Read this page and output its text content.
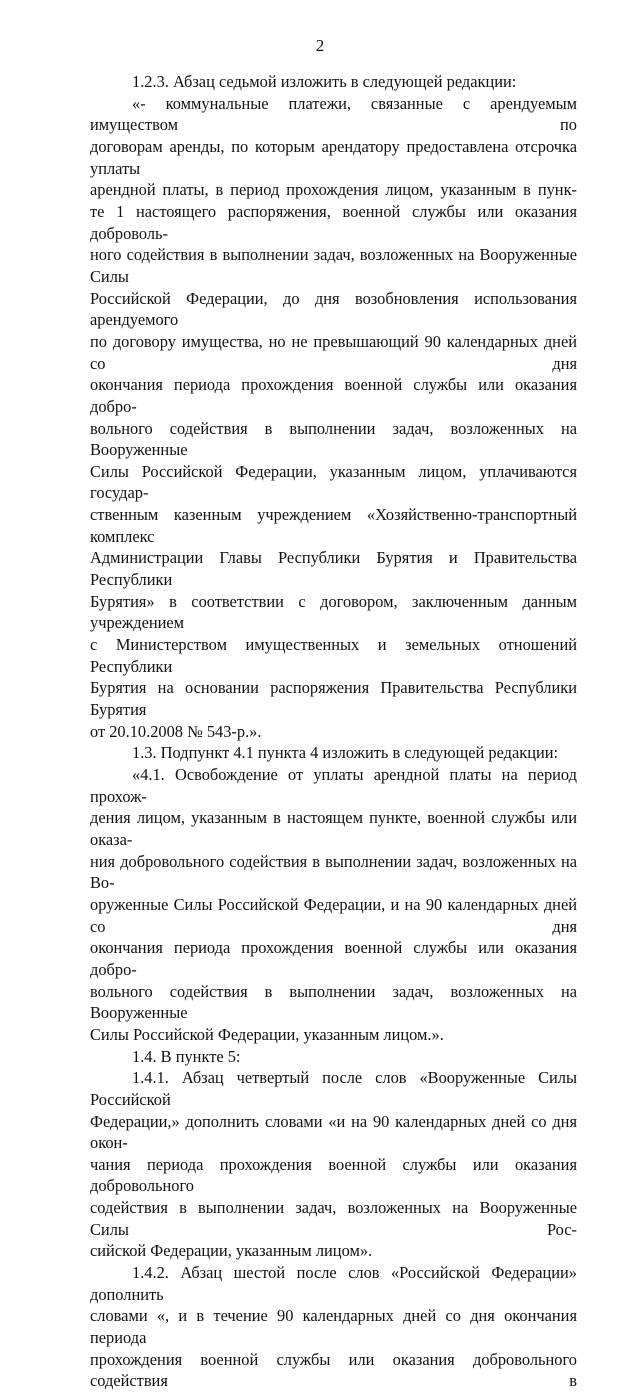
2

1.2.3. Абзац седьмой изложить в следующей редакции:

«- коммунальные платежи, связанные с арендуемым имуществом по
договорам аренды, по которым арендатору предоставлена отсрочка уплаты
арендной платы, в период прохождения лицом, указанным в пунк-
те 1 настоящего распоряжения, военной службы или оказания доброволь-
ного содействия в выполнении задач, возложенных на Вооруженные Силы
Российской Федерации, до дня возобновления использования арендуемого
по договору имущества, но не превышающий 90 календарных дней со дня
окончания периода прохождения военной службы или оказания добро-
вольного содействия в выполнении задач, возложенных на Вооруженные
Силы Российской Федерации, указанным лицом, уплачиваются государ-
ственным казенным учреждением «Хозяйственно-транспортный комплекс
Администрации Главы Республики Бурятия и Правительства Республики
Бурятия» в соответствии с договором, заключенным данным учреждением
с Министерством имущественных и земельных отношений Республики
Бурятия на основании распоряжения Правительства Республики Бурятия
от 20.10.2008 № 543-р.».

1.3. Подпункт 4.1 пункта 4 изложить в следующей редакции:

«4.1. Освобождение от уплаты арендной платы на период прохож-
дения лицом, указанным в настоящем пункте, военной службы или оказа-
ния добровольного содействия в выполнении задач, возложенных на Во-
оруженные Силы Российской Федерации, и на 90 календарных дней со дня
окончания периода прохождения военной службы или оказания добро-
вольного содействия в выполнении задач, возложенных на Вооруженные
Силы Российской Федерации, указанным лицом.».

1.4. В пункте 5:

1.4.1. Абзац четвертый после слов «Вооруженные Силы Российской
Федерации,» дополнить словами «и на 90 календарных дней со дня окон-
чания периода прохождения военной службы или оказания добровольного
содействия в выполнении задач, возложенных на Вооруженные Силы Рос-
сийской Федерации, указанным лицом».

1.4.2. Абзац шестой после слов «Российской Федерации» дополнить
словами «, и в течение 90 календарных дней со дня окончания периода
прохождения военной службы или оказания добровольного содействия в
